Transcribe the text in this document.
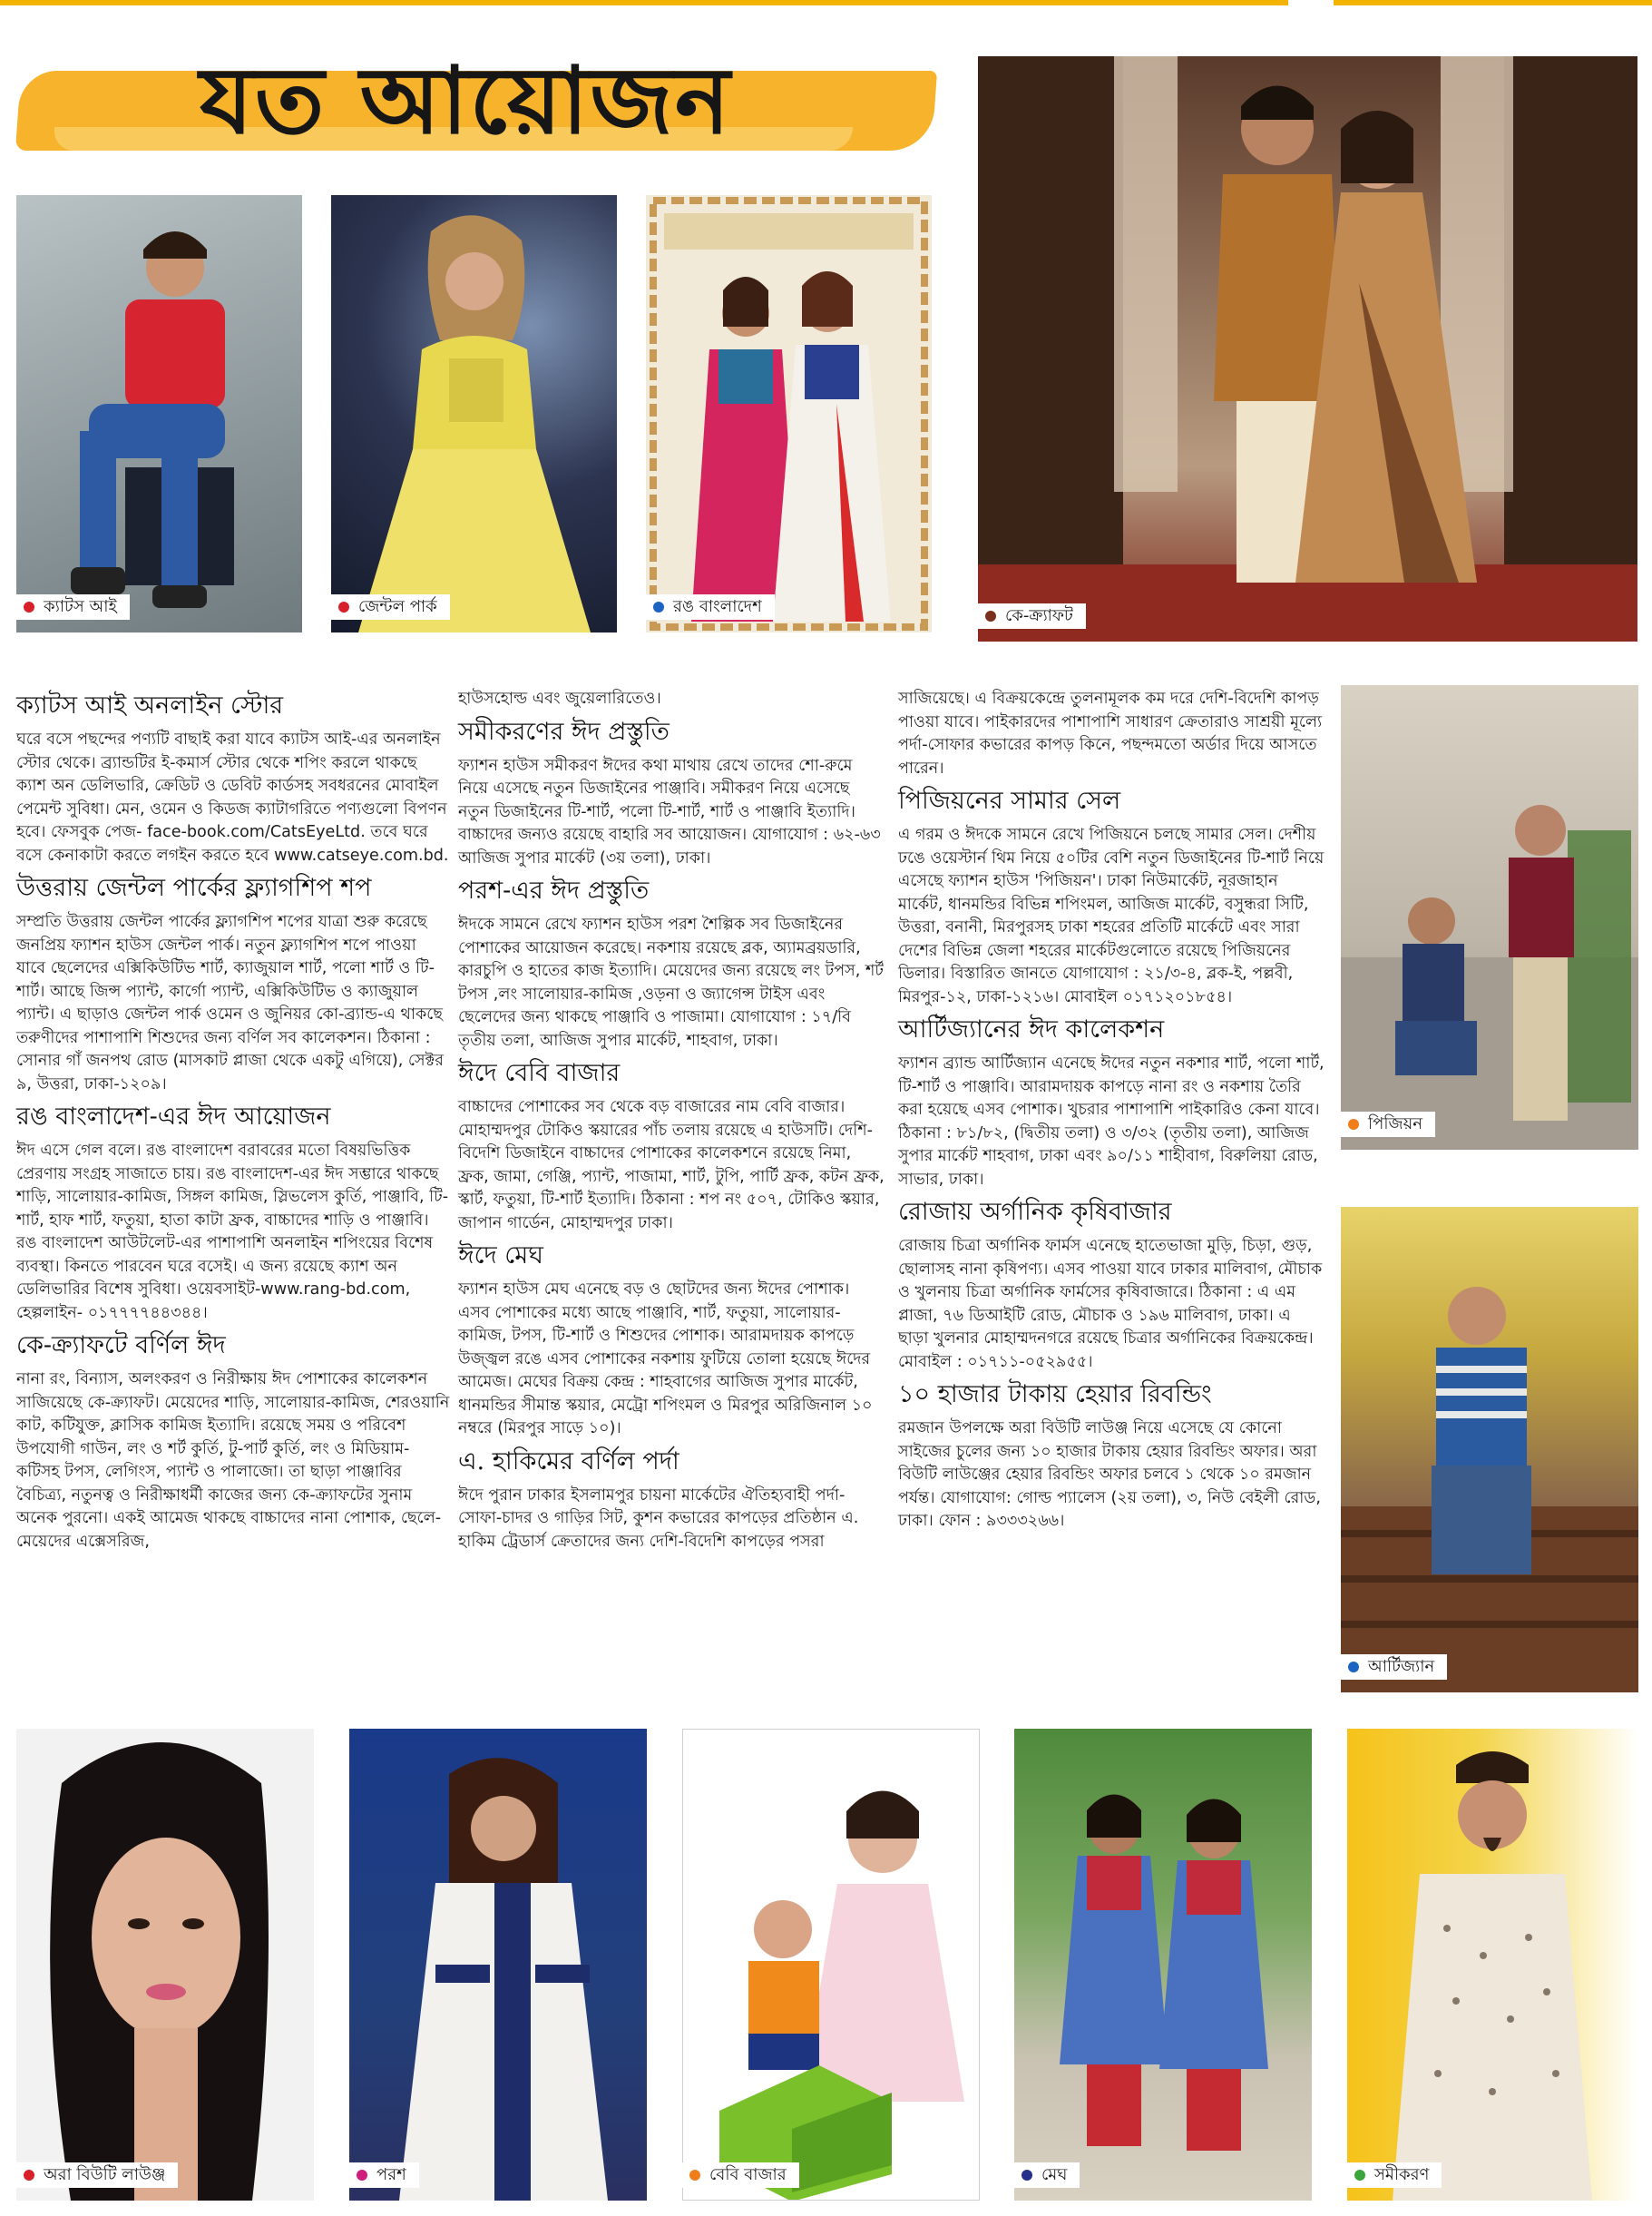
যত আয়োজন
ক্যাটস আই	জেন্টল পার্ক	রঙ বাংলাদেশ	কে-ক্র্যাফট
ক্যাটস আই অনলাইন স্টোর

ঘরে বসে পছন্দের পণ্যটি বাছাই করা যাবে ক্যাটস আই-এর অনলাইন স্টোর থেকে। ব্র্যান্ডটির ই-কমার্স স্টোর থেকে শপিং করলে থাকছে ক্যাশ অন ডেলিভারি, ক্রেডিট ও ডেবিট কার্ডসহ সবধরনের মোবাইল পেমেন্ট সুবিধা। মেন, ওমেন ও কিডজ ক্যাটাগরিতে পণ্যগুলো বিপণন হবে। ফেসবুক পেজ- face-book.com/CatsEyeLtd. তবে ঘরে বসে কেনাকাটা করতে লগইন করতে হবে www.catseye.com.bd.

উত্তরায় জেন্টল পার্কের ফ্ল্যাগশিপ শপ

সম্প্রতি উত্তরায় জেন্টল পার্কের ফ্ল্যাগশিপ শপের যাত্রা শুরু করেছে জনপ্রিয় ফ্যাশন হাউস জেন্টল পার্ক। নতুন ফ্ল্যাগশিপ শপে পাওয়া যাবে ছেলেদের এক্সিকিউটিভ শার্ট, ক্যাজুয়াল শার্ট, পলো শার্ট ও টি-শার্ট। আছে জিন্স প্যান্ট, কার্গো প্যান্ট, এক্সিকিউটিভ ও ক্যাজুয়াল প্যান্ট। এ ছাড়াও জেন্টল পার্ক ওমেন ও জুনিয়র কো-ব্র্যান্ড-এ থাকছে তরুণীদের পাশাপাশি শিশুদের জন্য বর্ণিল সব কালেকশন। ঠিকানা : সোনার গাঁ জনপথ রোড (মাসকাট প্লাজা থেকে একটু এগিয়ে), সেক্টর ৯, উত্তরা, ঢাকা-১২০৯।

রঙ বাংলাদেশ-এর ঈদ আয়োজন

ঈদ এসে গেল বলে। রঙ বাংলাদেশ বরাবরের মতো বিষয়ভিত্তিক প্রেরণায় সংগ্রহ সাজাতে চায়। রঙ বাংলাদেশ-এর ঈদ সম্ভারে থাকছে শাড়ি, সালোয়ার-কামিজ, সিঙ্গল কামিজ, স্লিভলেস কুর্তি, পাঞ্জাবি, টি-শার্ট, হাফ শার্ট, ফতুয়া, হাতা কাটা ফ্রক, বাচ্চাদের শাড়ি ও পাঞ্জাবি। রঙ বাংলাদেশ আউটলেট-এর পাশাপাশি অনলাইন শপিংয়ের বিশেষ ব্যবস্থা। কিনতে পারবেন ঘরে বসেই। এ জন্য রয়েছে ক্যাশ অন ডেলিভারির বিশেষ সুবিধা। ওয়েবসাইট-www.rang-bd.com, হেল্পলাইন- ০১৭৭৭৭৪৪৩৪৪।

কে-ক্র্যাফটে বর্ণিল ঈদ

নানা রং, বিন্যাস, অলংকরণ ও নিরীক্ষায় ঈদ পোশাকের কালেকশন সাজিয়েছে কে-ক্র্যাফট। মেয়েদের শাড়ি, সালোয়ার-কামিজ, শেরওয়ানি কাট, কটিযুক্ত, ক্লাসিক কামিজ ইত্যাদি। রয়েছে সময় ও পরিবেশ উপযোগী গাউন, লং ও শর্ট কুর্তি, টু-পার্ট কুর্তি, লং ও মিডিয়াম- কটিসহ টপস, লেগিংস, প্যান্ট ও পালাজো। তা ছাড়া পাঞ্জাবির বৈচিত্র্য, নতুনত্ব ও নিরীক্ষাধর্মী কাজের জন্য কে-ক্র্যাফটের সুনাম অনেক পুরনো। একই আমেজ থাকছে বাচ্চাদের নানা পোশাক, ছেলে-মেয়েদের এক্সেসরিজ,

হাউসহোল্ড এবং জুয়েলারিতেও।

সমীকরণের ঈদ প্রস্তুতি

ফ্যাশন হাউস সমীকরণ ঈদের কথা মাথায় রেখে তাদের শো-রুমে নিয়ে এসেছে নতুন ডিজাইনের পাঞ্জাবি। সমীকরণ নিয়ে এসেছে নতুন ডিজাইনের টি-শার্ট, পলো টি-শার্ট, শার্ট ও পাঞ্জাবি ইত্যাদি। বাচ্চাদের জন্যও রয়েছে বাহারি সব আয়োজন। যোগাযোগ : ৬২-৬৩ আজিজ সুপার মার্কেট (৩য় তলা), ঢাকা।

পরশ-এর ঈদ প্রস্তুতি

ঈদকে সামনে রেখে ফ্যাশন হাউস পরশ শৈল্পিক সব ডিজাইনের পোশাকের আয়োজন করেছে। নকশায় রয়েছে ব্লক, অ্যামব্রয়ডারি, কারচুপি ও হাতের কাজ ইত্যাদি। মেয়েদের জন্য রয়েছে লং টপস, শর্ট টপস ,লং সালোয়ার-কামিজ ,ওড়না ও জ্যাগেন্স টাইস এবং ছেলেদের জন্য থাকছে পাঞ্জাবি ও পাজামা। যোগাযোগ : ১৭/বি তৃতীয় তলা, আজিজ সুপার মার্কেট, শাহবাগ, ঢাকা।

ঈদে বেবি বাজার

বাচ্চাদের পোশাকের সব থেকে বড় বাজারের নাম বেবি বাজার। মোহাম্মদপুর টোকিও স্কয়ারের পাঁচ তলায় রয়েছে এ হাউসটি। দেশি-বিদেশি ডিজাইনে বাচ্চাদের পোশাকের কালেকশনে রয়েছে নিমা, ফ্রক, জামা, গেঞ্জি, প্যান্ট, পাজামা, শার্ট, টুপি, পার্টি ফ্রক, কটন ফ্রক, স্কার্ট, ফতুয়া, টি-শার্ট ইত্যাদি। ঠিকানা : শপ নং ৫০৭, টোকিও স্কয়ার, জাপান গার্ডেন, মোহাম্মদপুর ঢাকা।

ঈদে মেঘ

ফ্যাশন হাউস মেঘ এনেছে বড় ও ছোটদের জন্য ঈদের পোশাক। এসব পোশাকের মধ্যে আছে পাঞ্জাবি, শার্ট, ফতুয়া, সালোয়ার-কামিজ, টপস, টি-শার্ট ও শিশুদের পোশাক। আরামদায়ক কাপড়ে উজ্জ্বল রঙে এসব পোশাকের নকশায় ফুটিয়ে তোলা হয়েছে ঈদের আমেজ। মেঘের বিক্রয় কেন্দ্র : শাহবাগের আজিজ সুপার মার্কেট, ধানমন্ডির সীমান্ত স্কয়ার, মেট্রো শপিংমল ও মিরপুর অরিজিনাল ১০ নম্বরে (মিরপুর সাড়ে ১০)।

এ. হাকিমের বর্ণিল পর্দা

ঈদে পুরান ঢাকার ইসলামপুর চায়না মার্কেটের ঐতিহ্যবাহী পর্দা-সোফা-চাদর ও গাড়ির সিট, কুশন কভারের কাপড়ের প্রতিষ্ঠান এ. হাকিম ট্রেডার্স ক্রেতাদের জন্য দেশি-বিদেশি কাপড়ের পসরা

সাজিয়েছে। এ বিক্রয়কেন্দ্রে তুলনামূলক কম দরে দেশি-বিদেশি কাপড় পাওয়া যাবে। পাইকারদের পাশাপাশি সাধারণ ক্রেতারাও সাশ্রয়ী মূল্যে পর্দা-সোফার কভারের কাপড় কিনে, পছন্দমতো অর্ডার দিয়ে আসতে পারেন।

পিজিয়নের সামার সেল

এ গরম ও ঈদকে সামনে রেখে পিজিয়নে চলছে সামার সেল। দেশীয় ঢঙে ওয়েস্টার্ন থিম নিয়ে ৫০টির বেশি নতুন ডিজাইনের টি-শার্ট নিয়ে এসেছে ফ্যাশন হাউস 'পিজিয়ন'। ঢাকা নিউমার্কেট, নূরজাহান মার্কেট, ধানমন্ডির বিভিন্ন শপিংমল, আজিজ মার্কেট, বসুন্ধরা সিটি, উত্তরা, বনানী, মিরপুরসহ ঢাকা শহরের প্রতিটি মার্কেটে এবং সারা দেশের বিভিন্ন জেলা শহরের মার্কেটগুলোতে রয়েছে পিজিয়নের ডিলার। বিস্তারিত জানতে যোগাযোগ : ২১/৩-৪, ব্লক-ই, পল্লবী, মিরপুর-১২, ঢাকা-১২১৬। মোবাইল ০১৭১২০১৮৫৪।

আর্টিজ্যানের ঈদ কালেকশন

ফ্যাশন ব্র্যান্ড আর্টিজ্যান এনেছে ঈদের নতুন নকশার শার্ট, পলো শার্ট, টি-শার্ট ও পাঞ্জাবি। আরামদায়ক কাপড়ে নানা রং ও নকশায় তৈরি করা হয়েছে এসব পোশাক। খুচরার পাশাপাশি পাইকারিও কেনা যাবে। ঠিকানা : ৮১/৮২, (দ্বিতীয় তলা) ও ৩/৩২ (তৃতীয় তলা), আজিজ সুপার মার্কেট শাহবাগ, ঢাকা এবং ৯০/১১ শাহীবাগ, বিরুলিয়া রোড, সাভার, ঢাকা।

রোজায় অর্গানিক কৃষিবাজার

রোজায় চিত্রা অর্গানিক ফার্মস এনেছে হাতেভাজা মুড়ি, চিড়া, গুড়, ছোলাসহ নানা কৃষিপণ্য। এসব পাওয়া যাবে ঢাকার মালিবাগ, মৌচাক ও খুলনায় চিত্রা অর্গানিক ফার্মসের কৃষিবাজারে। ঠিকানা : এ এম প্লাজা, ৭৬ ডিআইটি রোড, মৌচাক ও ১৯৬ মালিবাগ, ঢাকা। এ ছাড়া খুলনার মোহাম্মদনগরে রয়েছে চিত্রার অর্গানিকের বিক্রয়কেন্দ্র। মোবাইল : ০১৭১১-০৫২৯৫৫।

১০ হাজার টাকায় হেয়ার রিবন্ডিং

রমজান উপলক্ষে অরা বিউটি লাউঞ্জ নিয়ে এসেছে যে কোনো সাইজের চুলের জন্য ১০ হাজার টাকায় হেয়ার রিবন্ডিং অফার। অরা বিউটি লাউঞ্জের হেয়ার রিবন্ডিং অফার চলবে ১ থেকে ১০ রমজান পর্যন্ত। যোগাযোগ: গোল্ড প্যালেস (২য় তলা), ৩, নিউ বেইলী রোড, ঢাকা। ফোন : ৯৩৩৩২৬৬।

পিজিয়ন
আর্টিজ্যান
অরা বিউটি লাউঞ্জ	পরশ	বেবি বাজার	মেঘ	সমীকরণ
